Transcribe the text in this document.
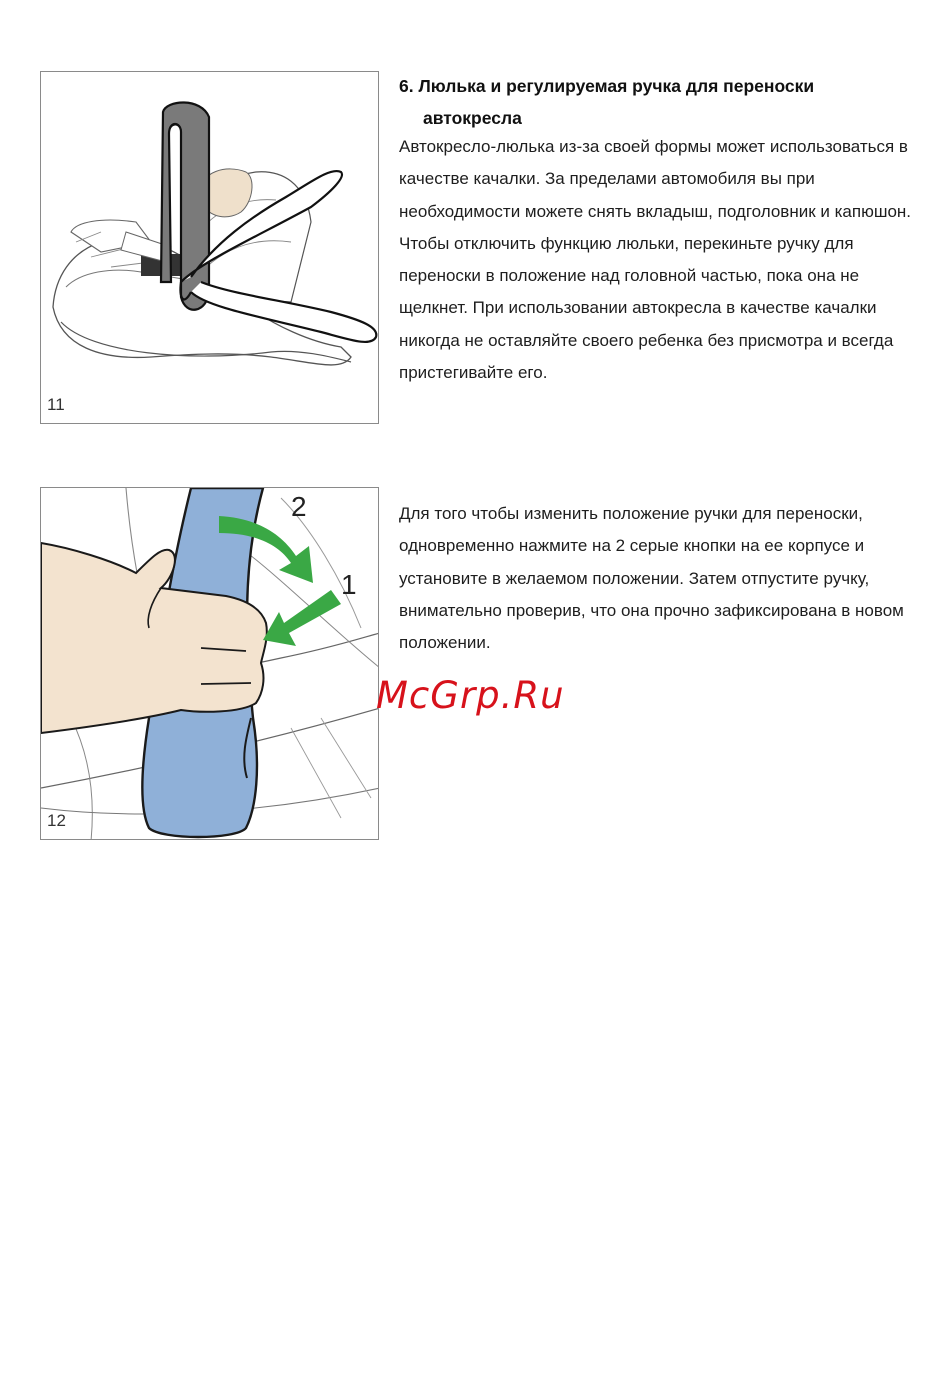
11
6. Люлька и регулируемая ручка для переноски
автокресла
Автокресло-люлька из-за своей формы может использоваться в качестве качалки. За пределами автомобиля вы при необходимости можете снять вкладыш, подголовник и капюшон. Чтобы отключить функцию люльки, перекиньте ручку для переноски в положение над головной частью, пока она не щелкнет. При использовании автокресла в качестве качалки никогда не оставляйте своего ребенка без присмотра и всегда пристегивайте его.
2
1
12
Для того чтобы изменить положение ручки для переноски, одновременно нажмите на 2 серые кнопки на ее корпусе и установите в желаемом положении. Затем отпустите ручку, внимательно проверив, что она прочно зафиксирована в новом положении.
McGrp.Ru
